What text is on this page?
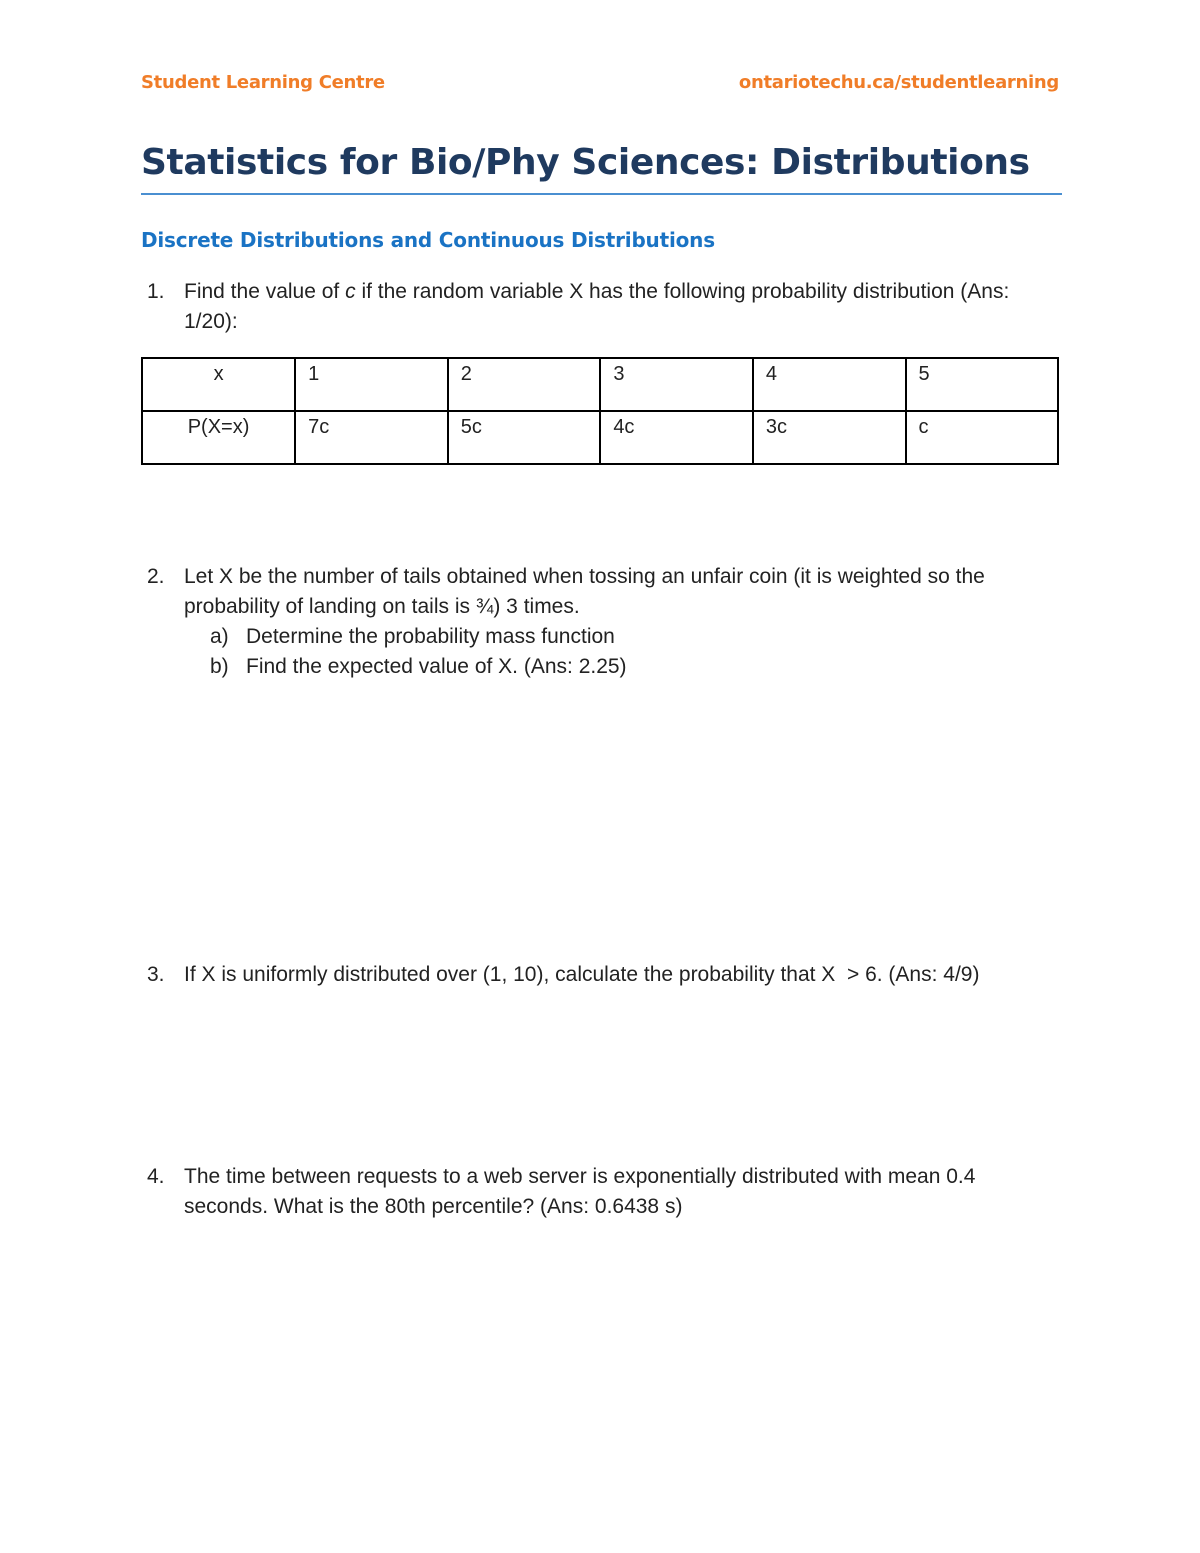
Student Learning Centre	ontariotechu.ca/studentlearning
Statistics for Bio/Phy Sciences: Distributions
Discrete Distributions and Continuous Distributions
1. Find the value of c if the random variable X has the following probability distribution (Ans: 1/20):
x	1	2	3	4	5
P(X=x)	7c	5c	4c	3c	c
2. Let X be the number of tails obtained when tossing an unfair coin (it is weighted so the probability of landing on tails is ¾) 3 times.
a) Determine the probability mass function
b) Find the expected value of X. (Ans: 2.25)
3. If X is uniformly distributed over (1, 10), calculate the probability that X  > 6. (Ans: 4/9)
4. The time between requests to a web server is exponentially distributed with mean 0.4 seconds. What is the 80th percentile? (Ans: 0.6438 s)
